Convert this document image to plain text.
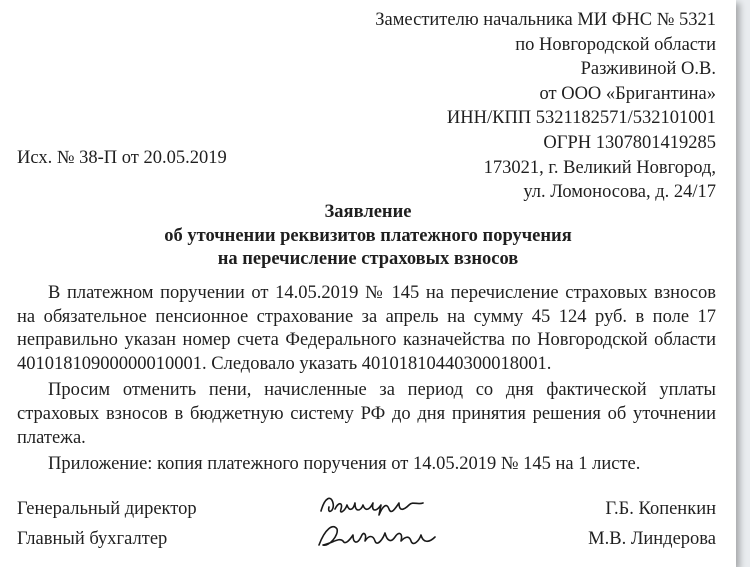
Заместителю начальника МИ ФНС № 5321
по Новгородской области
Разживиной О.В.
от ООО «Бригантина»
ИНН/КПП 5321182571/532101001
ОГРН 1307801419285
173021, г. Великий Новгород,
ул. Ломоносова, д. 24/17
Исх. № 38-П от 20.05.2019
Заявление
об уточнении реквизитов платежного поручения
на перечисление страховых взносов

В платежном поручении от 14.05.2019 № 145 на перечисление страховых взносов на обязательное пенсионное страхование за апрель на сумму 45 124 руб. в поле 17 неправильно указан номер счета Федерального казначейства по Новгородской области 40101810900000010001. Следовало указать 40101810440300018001.

Просим отменить пени, начисленные за период со дня фактической уплаты страховых взносов в бюджетную систему РФ до дня принятия решения об уточнении платежа.

Приложение: копия платежного поручения от 14.05.2019 № 145 на 1 листе.

Генеральный директор	Г.Б. Копенкин
Главный бухгалтер	М.В. Линдерова
